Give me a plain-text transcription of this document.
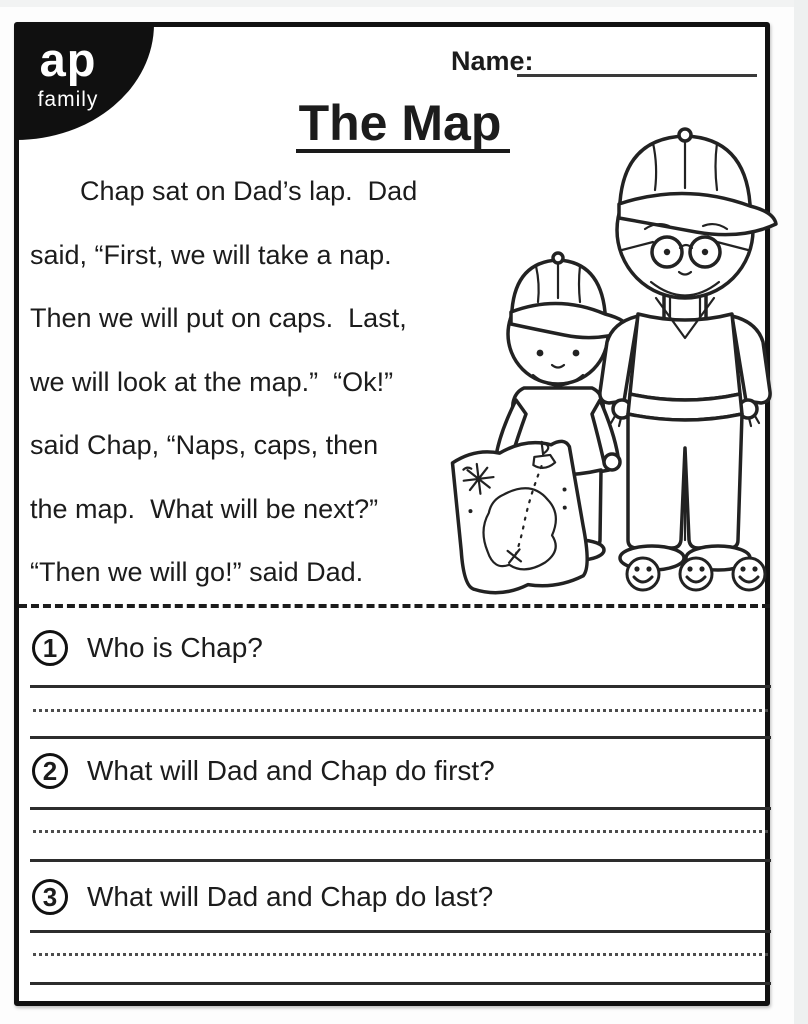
ap
family
Name:
The Map
Chap sat on Dad’s lap.  Dad
said, “First, we will take a nap.
Then we will put on caps.  Last,
we will look at the map.”  “Ok!”
said Chap, “Naps, caps, then
the map.  What will be next?”
“Then we will go!” said Dad.
1	Who is Chap?
2	What will Dad and Chap do first?
3	What will Dad and Chap do last?
